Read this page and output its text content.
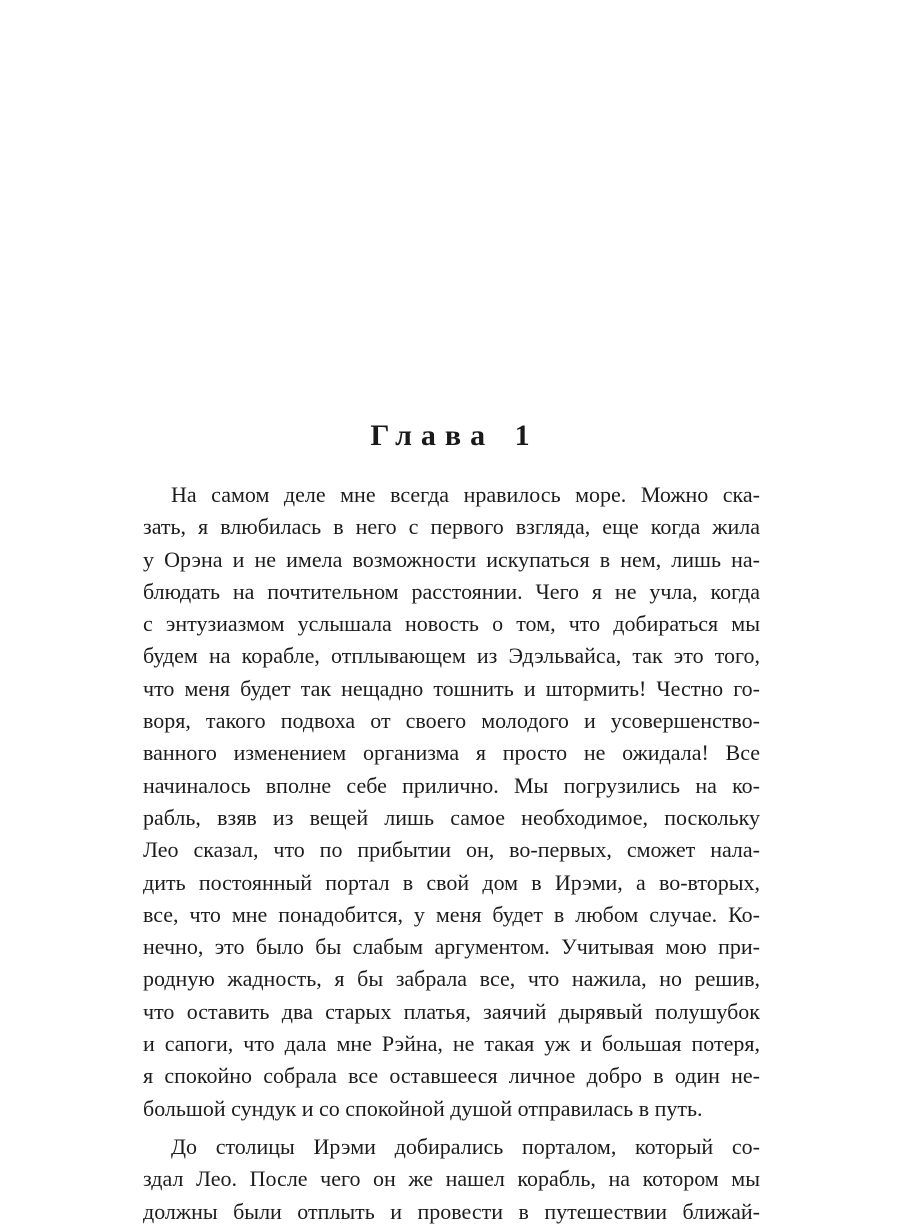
Глава 1
На самом деле мне всегда нравилось море. Можно ска-
зать, я влюбилась в него с первого взгляда, еще когда жила
у Орэна и не имела возможности искупаться в нем, лишь на-
блюдать на почтительном расстоянии. Чего я не учла, когда
с энтузиазмом услышала новость о том, что добираться мы
будем на корабле, отплывающем из Эдэльвайса, так это того,
что меня будет так нещадно тошнить и штормить! Честно го-
воря, такого подвоха от своего молодого и усовершенство-
ванного изменением организма я просто не ожидала! Все
начиналось вполне себе прилично. Мы погрузились на ко-
рабль, взяв из вещей лишь самое необходимое, поскольку
Лео сказал, что по прибытии он, во-первых, сможет нала-
дить постоянный портал в свой дом в Ирэми, а во-вторых,
все, что мне понадобится, у меня будет в любом случае. Ко-
нечно, это было бы слабым аргументом. Учитывая мою при-
родную жадность, я бы забрала все, что нажила, но решив,
что оставить два старых платья, заячий дырявый полушубок
и сапоги, что дала мне Рэйна, не такая уж и большая потеря,
я спокойно собрала все оставшееся личное добро в один не-
большой сундук и со спокойной душой отправилась в путь.
До столицы Ирэми добирались порталом, который со-
здал Лео. После чего он же нашел корабль, на котором мы
должны были отплыть и провести в путешествии ближай-
